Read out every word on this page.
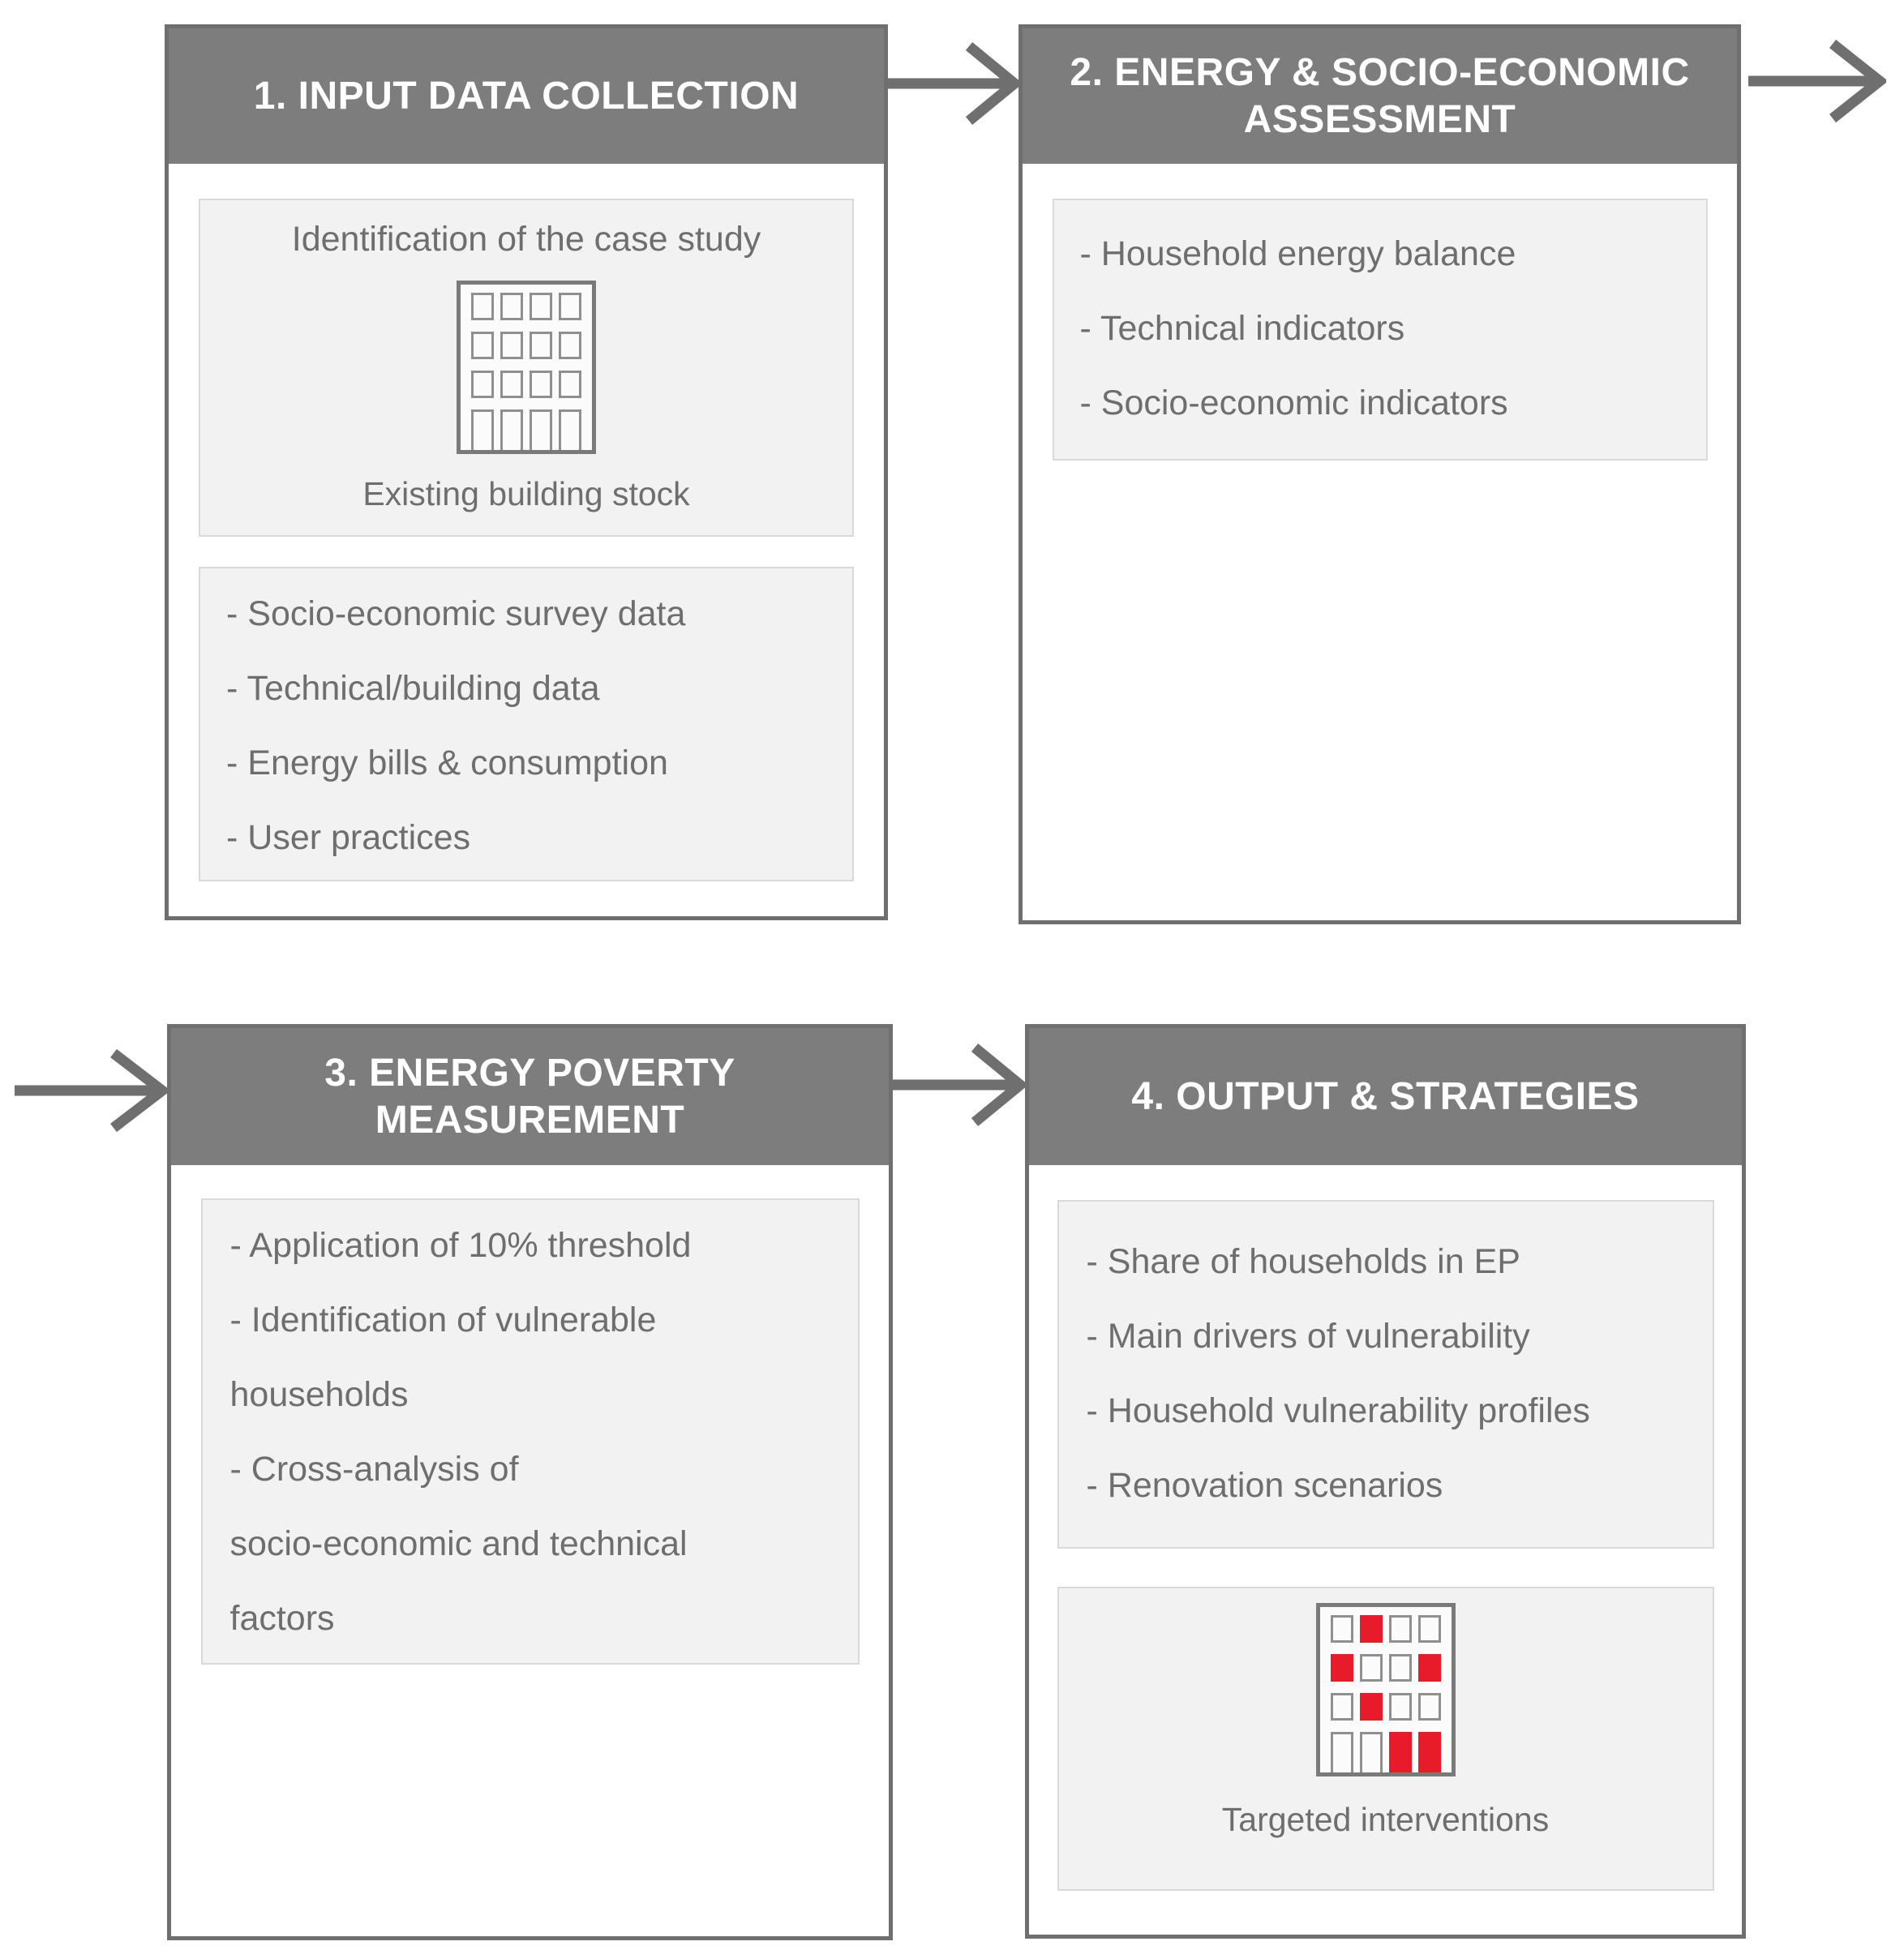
1. INPUT DATA COLLECTION
Identification of the case study
Existing building stock
- Socio-economic survey data
- Technical/building data
- Energy bills & consumption
- User practices
2. ENERGY & SOCIO-ECONOMIC
ASSESSMENT
- Household energy balance
- Technical indicators
- Socio-economic indicators
3. ENERGY POVERTY
MEASUREMENT
- Application of 10% threshold
- Identification of vulnerable
households
- Cross-analysis of
socio-economic and technical
factors
4. OUTPUT & STRATEGIES
- Share of households in EP
- Main drivers of vulnerability
- Household vulnerability profiles
- Renovation scenarios
Targeted interventions
